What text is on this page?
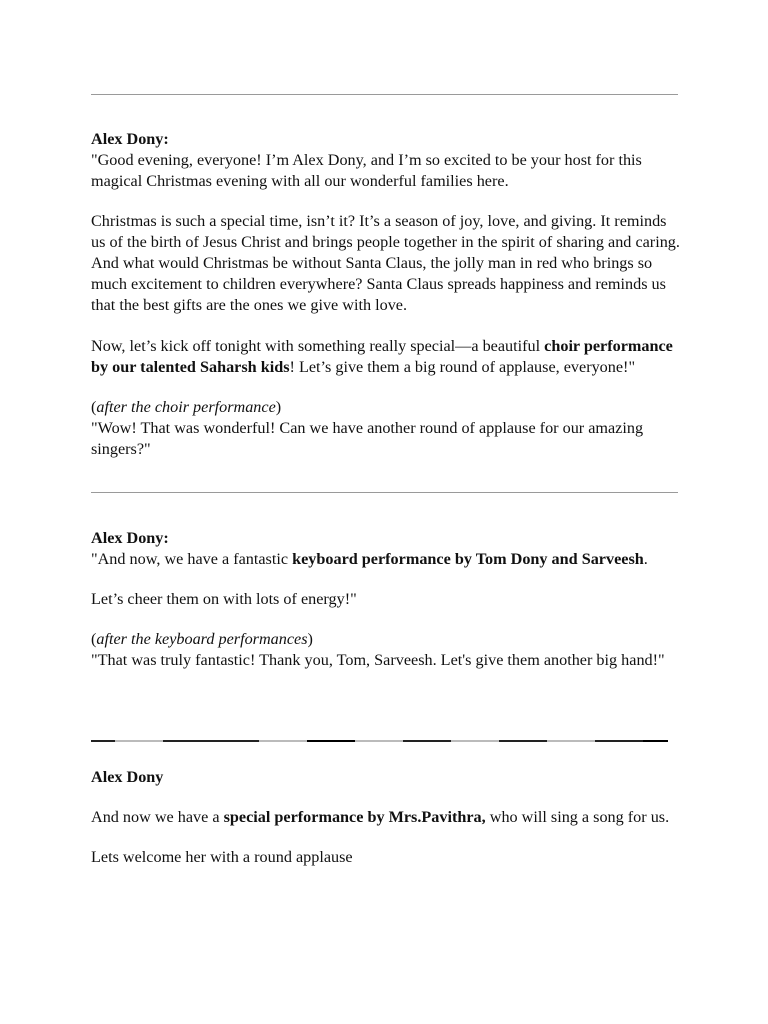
Alex Dony:

"Good evening, everyone! I’m Alex Dony, and I’m so excited to be your host for this magical Christmas evening with all our wonderful families here.

Christmas is such a special time, isn’t it? It’s a season of joy, love, and giving. It reminds us of the birth of Jesus Christ and brings people together in the spirit of sharing and caring. And what would Christmas be without Santa Claus, the jolly man in red who brings so much excitement to children everywhere? Santa Claus spreads happiness and reminds us that the best gifts are the ones we give with love.

Now, let’s kick off tonight with something really special—a beautiful choir performance by our talented Saharsh kids! Let’s give them a big round of applause, everyone!"

(after the choir performance)

"Wow! That was wonderful! Can we have another round of applause for our amazing singers?"

Alex Dony:

"And now, we have a fantastic keyboard performance by Tom Dony and Sarveesh.

Let’s cheer them on with lots of energy!"

(after the keyboard performances)

"That was truly fantastic! Thank you, Tom, Sarveesh. Let's give them another big hand!"

Alex Dony

And now we have a special performance by Mrs.Pavithra, who will sing a song for us.

Lets welcome her with a round applause
